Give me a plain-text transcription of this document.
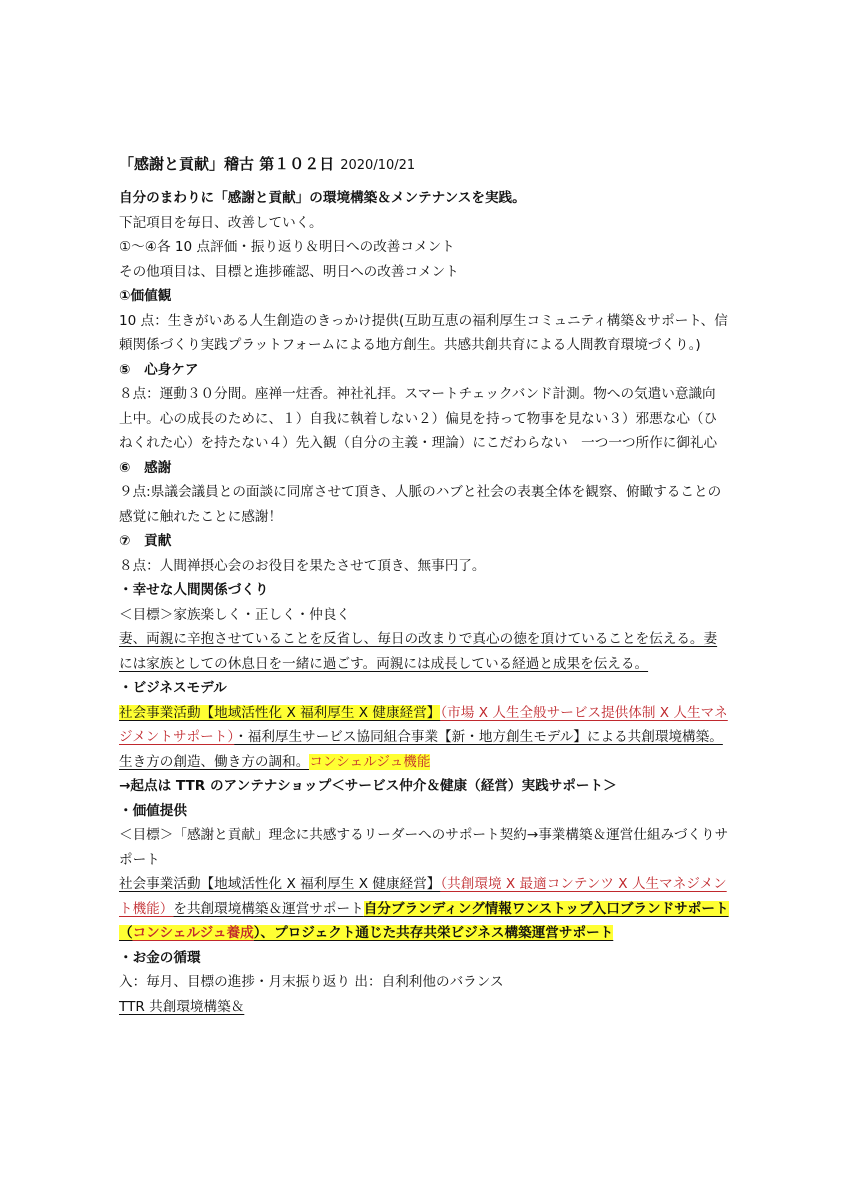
「感謝と貢献」稽古 第１０２日 2020/10/21

自分のまわりに「感謝と貢献」の環境構築＆メンテナンスを実践。

下記項目を毎日、改善していく。

①～④各 10 点評価・振り返り＆明日への改善コメント

その他項目は、目標と進捗確認、明日への改善コメント

①価値観

10 点：生きがいある人生創造のきっかけ提供(互助互恵の福利厚生コミュニティ構築＆サポート、信頼関係づくり実践プラットフォームによる地方創生。共感共創共育による人間教育環境づくり。)

⑤　心身ケア

８点：運動３０分間。座禅一炷香。神社礼拝。スマートチェックバンド計測。物への気遣い意識向上中。心の成長のために、１）自我に執着しない２）偏見を持って物事を見ない３）邪悪な心（ひねくれた心）を持たない４）先入観（自分の主義・理論）にこだわらない　一つ一つ所作に御礼心

⑥　感謝

９点:県議会議員との面談に同席させて頂き、人脈のハブと社会の表裏全体を観察、俯瞰することの感覚に触れたことに感謝！

⑦　貢献

８点：人間禅摂心会のお役目を果たさせて頂き、無事円了。

・幸せな人間関係づくり

＜目標＞家族楽しく・正しく・仲良く

妻、両親に辛抱させていることを反省し、毎日の改まりで真心の徳を頂けていることを伝える。妻には家族としての休息日を一緒に過ごす。両親には成長している経過と成果を伝える。

・ビジネスモデル

社会事業活動【地域活性化 X 福利厚生 X 健康経営】（市場 X 人生全般サービス提供体制 X 人生マネジメントサポート）・福利厚生サービス協同組合事業【新・地方創生モデル】による共創環境構築。生き方の創造、働き方の調和。コンシェルジュ機能

→起点は TTR のアンテナショップ＜サービス仲介＆健康（経営）実践サポート＞

・価値提供

＜目標＞「感謝と貢献」理念に共感するリーダーへのサポート契約→事業構築＆運営仕組みづくりサポート

社会事業活動【地域活性化 X 福利厚生 X 健康経営】（共創環境 X 最適コンテンツ X 人生マネジメント機能）を共創環境構築＆運営サポート自分ブランディング情報ワンストップ入口ブランドサポート（コンシェルジュ養成）、プロジェクト通じた共存共栄ビジネス構築運営サポート

・お金の循環

入：毎月、目標の進捗・月末振り返り 出：自利利他のバランス

TTR 共創環境構築＆
